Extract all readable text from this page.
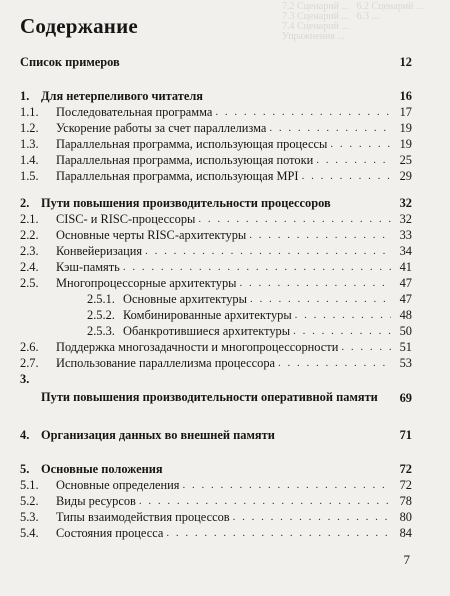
7.2 Сценарий ...   6.2 Сценарий ...
7.3 Сценарий ...   6.3 ...
7.4 Сценарий ...
Упражнения ...
Содержание
Список примеров	12
1. Для нетерпеливого читателя	16
1.1.	Последовательная программа . . .	17
1.2.	Ускорение работы за счет параллелизма . . .	19
1.3.	Параллельная программа, использующая процессы . . .	19
1.4.	Параллельная программа, использующая потоки . . .	25
1.5.	Параллельная программа, использующая MPI . . .	29
2. Пути повышения производительности процессоров	32
2.1.	CISC- и RISC-процессоры . . .	32
2.2.	Основные черты RISC-архитектуры . . .	33
2.3.	Конвейеризация . . .	34
2.4.	Кэш-память . . .	41
2.5.	Многопроцессорные архитектуры . . .	47
2.5.1. Основные архитектуры . . .	47
2.5.2. Комбинированные архитектуры . . .	48
2.5.3. Обанкротившиеся архитектуры . . .	50
2.6.	Поддержка многозадачности и многопроцессорности . . .	51
2.7.	Использование параллелизма процессора . . .	53
3.
Пути повышения производительности оперативной памяти	69
4. Организация данных во внешней памяти	71
5. Основные положения	72
5.1.	Основные определения . . .	72
5.2.	Виды ресурсов . . .	78
5.3.	Типы взаимодействия процессов . . .	80
5.4.	Состояния процесса . . .	84
7
